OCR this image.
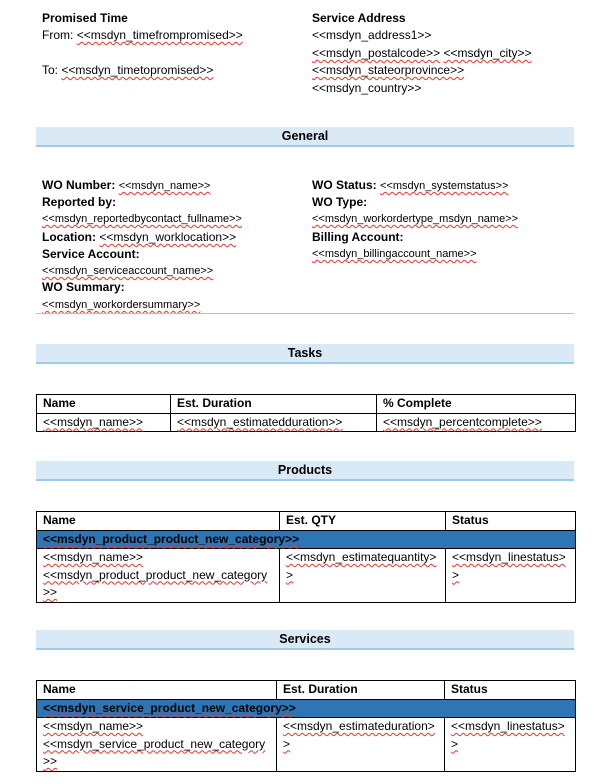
Promised Time
From: <<msdyn_timefrompromised>>
To: <<msdyn_timetopromised>>
Service Address
<<msdyn_address1>>
<<msdyn_postalcode>> <<msdyn_city>>
<<msdyn_stateorprovince>>
<<msdyn_country>>
General
WO Number: <<msdyn_name>>
Reported by:
<<msdyn_reportedbycontact_fullname>>
Location: <<msdyn_worklocation>>
Service Account:
<<msdyn_serviceaccount_name>>
WO Summary:
<<msdyn_workordersummary>>
WO Status: <<msdyn_systemstatus>>
WO Type:
<<msdyn_workordertype_msdyn_name>>
Billing Account:
<<msdyn_billingaccount_name>>
Tasks
Name	Est. Duration	% Complete
<<msdyn_name>>	<<msdyn_estimatedduration>>	<<msdyn_percentcomplete>>
Products
Name	Est. QTY	Status
<<msdyn_product_product_new_category>>		

<<msdyn_name>>
<<msdyn_product_product_new_category>>	<<msdyn_estimatequantity>>	<<msdyn_linestatus>>
Services
Name	Est. Duration	Status
<<msdyn_service_product_new_category>>		

<<msdyn_name>>
<<msdyn_service_product_new_category>>	<<msdyn_estimateduration>>	<<msdyn_linestatus>>
